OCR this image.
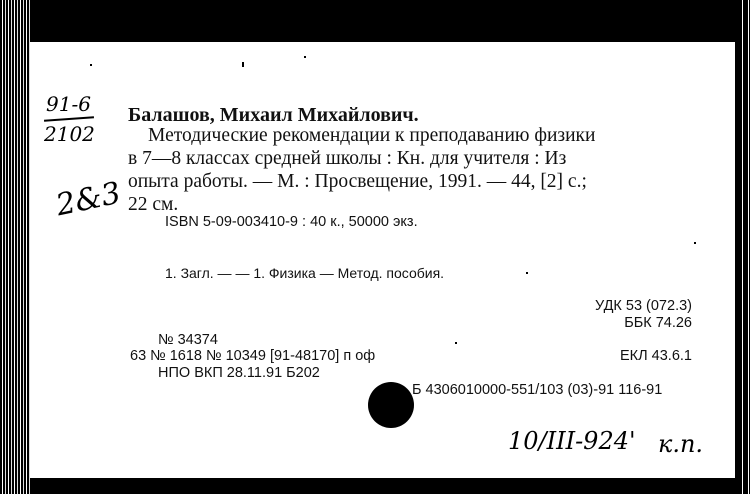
Балашов, Михаил Михайлович.
Методические рекомендации к преподаванию физики
в 7—8 классах средней школы : Кн. для учителя : Из
опыта работы. — М. : Просвещение, 1991. — 44, [2] с.;
22 см.
ISBN 5-09-003410-9 : 40 к., 50000 экз.
1. Загл. — — 1. Физика — Метод. пособия.
УДК 53 (072.3)
ББК 74.26
№ 34374
63 № 1618 № 10349 [91-48170] п оф	ЕКЛ 43.6.1
НПО ВКП 28.11.91 Б202
Б 4306010000-551/103 (03)-91 116-91
91-6
2102
2&3
10/III-924' к.п.
